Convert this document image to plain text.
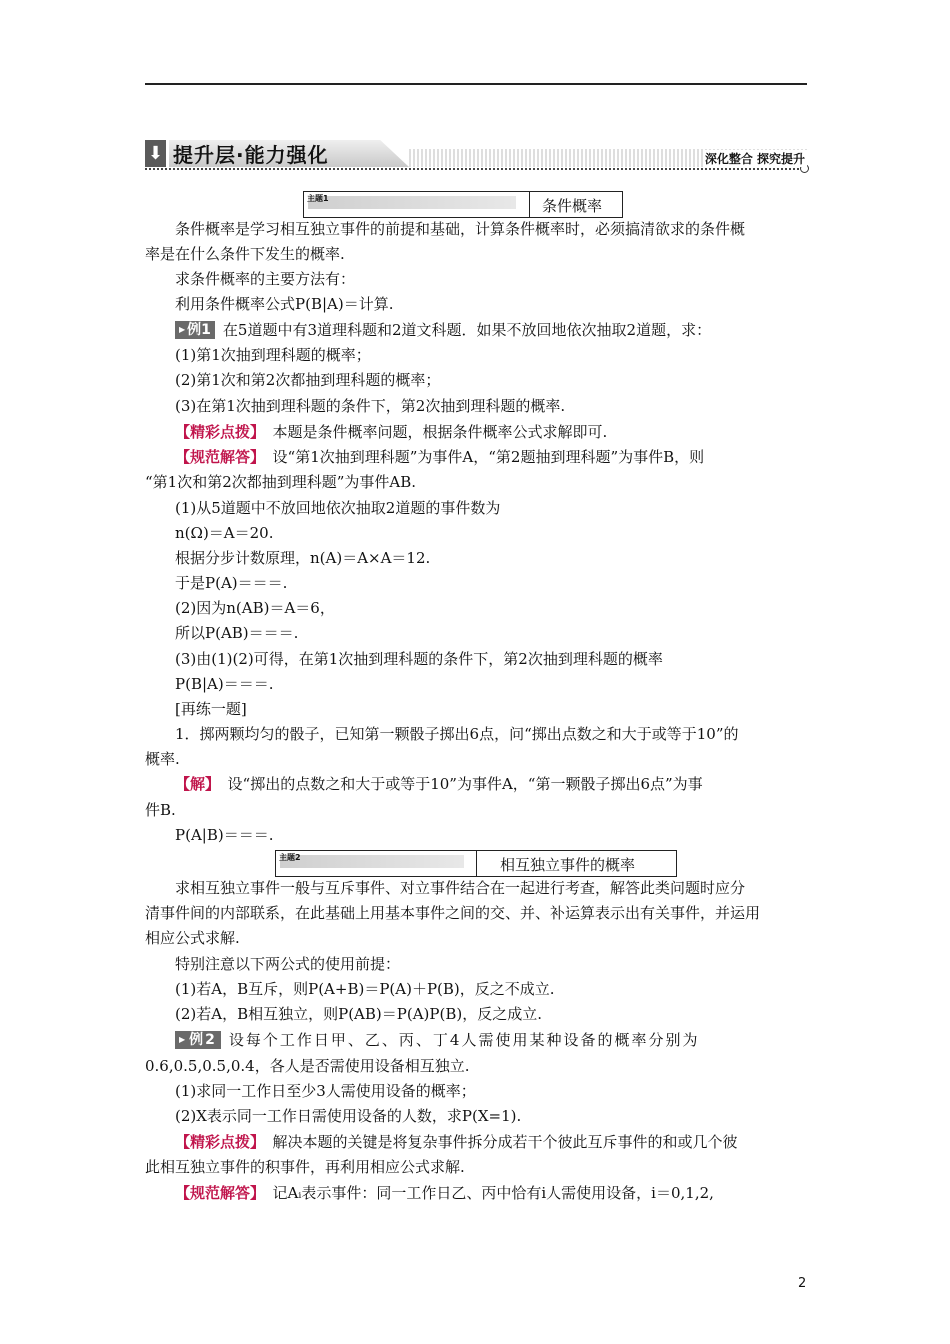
⬇ 提升层·能力强化	深化整合 探究提升
主题1	条件概率
条件概率是学习相互独立事件的前提和基础，计算条件概率时，必须搞清欲求的条件概
率是在什么条件下发生的概率.
求条件概率的主要方法有：
利用条件概率公式P(B|A)＝计算.
▶ 例1 在5道题中有3道理科题和2道文科题．如果不放回地依次抽取2道题，求：
(1)第1次抽到理科题的概率；
(2)第1次和第2次都抽到理科题的概率；
(3)在第1次抽到理科题的条件下，第2次抽到理科题的概率.
【精彩点拨】　 本题是条件概率问题，根据条件概率公式求解即可.
【规范解答】　 设“第1次抽到理科题”为事件A，“第2题抽到理科题”为事件B，则
“第1次和第2次都抽到理科题”为事件AB.
(1)从5道题中不放回地依次抽取2道题的事件数为
n(Ω)＝A＝20.
根据分步计数原理，n(A)＝A×A＝12.
于是P(A)＝＝＝.
(2)因为n(AB)＝A＝6，
所以P(AB)＝＝＝.
(3)由(1)(2)可得，在第1次抽到理科题的条件下，第2次抽到理科题的概率
P(B|A)＝＝＝.
[再练一题]
1．掷两颗均匀的骰子，已知第一颗骰子掷出6点，问“掷出点数之和大于或等于10”的
概率.
【解】　 设“掷出的点数之和大于或等于10”为事件A，“第一颗骰子掷出6点”为事
件B.
P(A|B)＝＝＝.
主题2	相互独立事件的概率
求相互独立事件一般与互斥事件、对立事件结合在一起进行考查，解答此类问题时应分
清事件间的内部联系，在此基础上用基本事件之间的交、并、补运算表示出有关事件，并运用
相应公式求解.
特别注意以下两公式的使用前提：
(1)若A，B互斥，则P(A+B)＝P(A)＋P(B)，反之不成立.
(2)若A，B相互独立，则P(AB)＝P(A)P(B)，反之成立.
▶ 例2 设每个工作日甲、乙、丙、丁4人需使用某种设备的概率分别为
0.6,0.5,0.5,0.4，各人是否需使用设备相互独立.
(1)求同一工作日至少3人需使用设备的概率；
(2)X表示同一工作日需使用设备的人数，求P(X=1).
【精彩点拨】　 解决本题的关键是将复杂事件拆分成若干个彼此互斥事件的和或几个彼
此相互独立事件的积事件，再利用相应公式求解.
【规范解答】　 记Aᵢ表示事件：同一工作日乙、丙中恰有i人需使用设备，i＝0,1,2,
2
